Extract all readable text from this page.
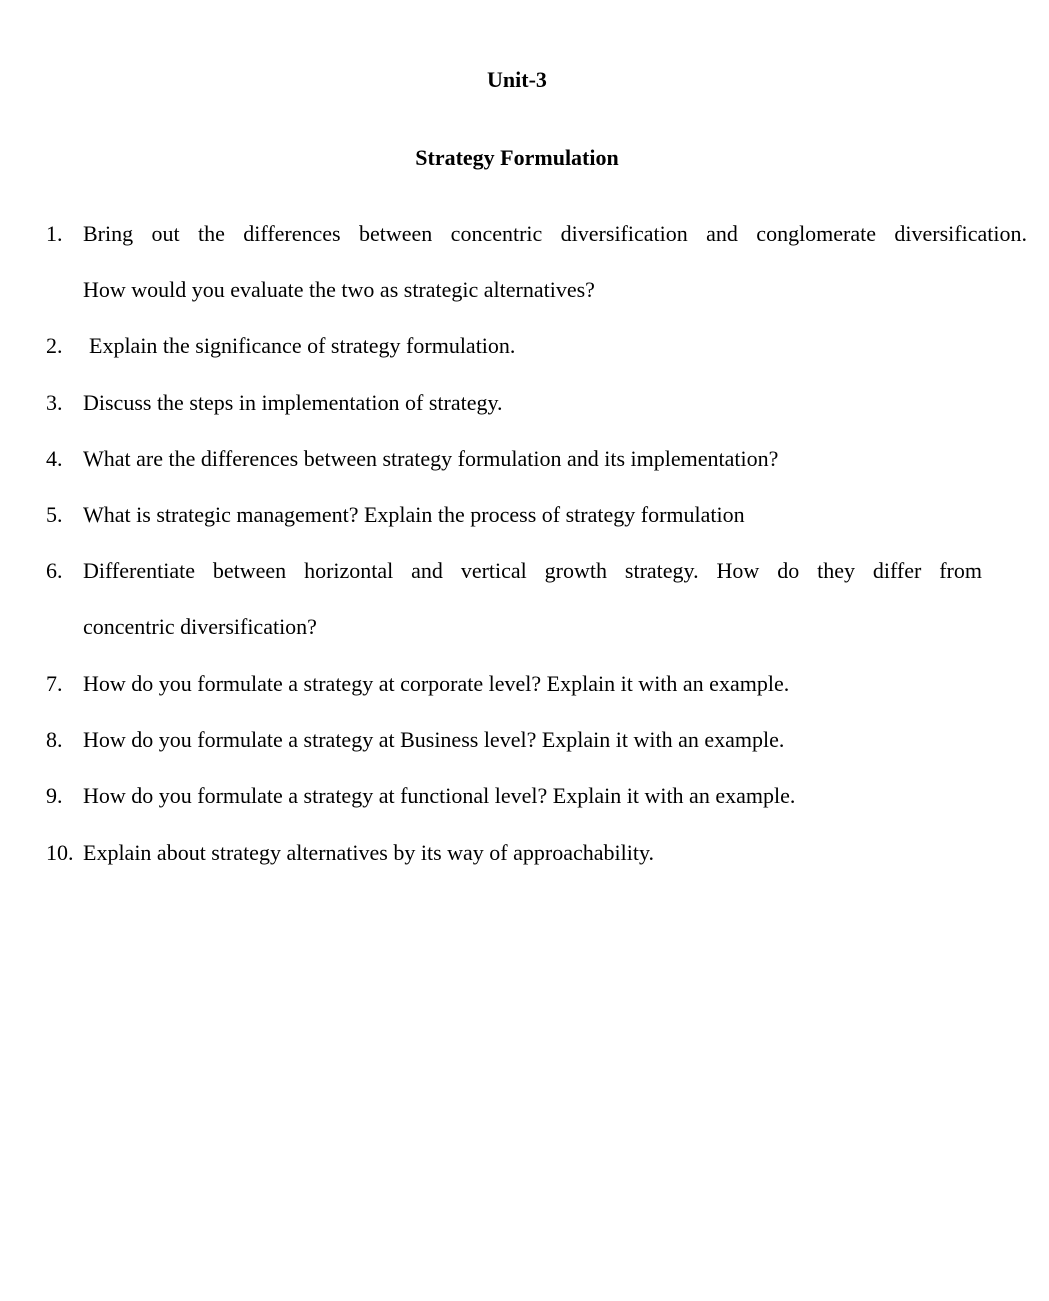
Unit-3
Strategy Formulation
1. Bring out the differences between concentric diversification and conglomerate diversification.
How would you evaluate the two as strategic alternatives?
2. Explain the significance of strategy formulation.
3. Discuss the steps in implementation of strategy.
4. What are the differences between strategy formulation and its implementation?
5. What is strategic management? Explain the process of strategy formulation
6. Differentiate between horizontal and vertical growth strategy. How do they differ from
concentric diversification?
7. How do you formulate a strategy at corporate level? Explain it with an example.
8. How do you formulate a strategy at Business level? Explain it with an example.
9. How do you formulate a strategy at functional level? Explain it with an example.
10. Explain about strategy alternatives by its way of approachability.
